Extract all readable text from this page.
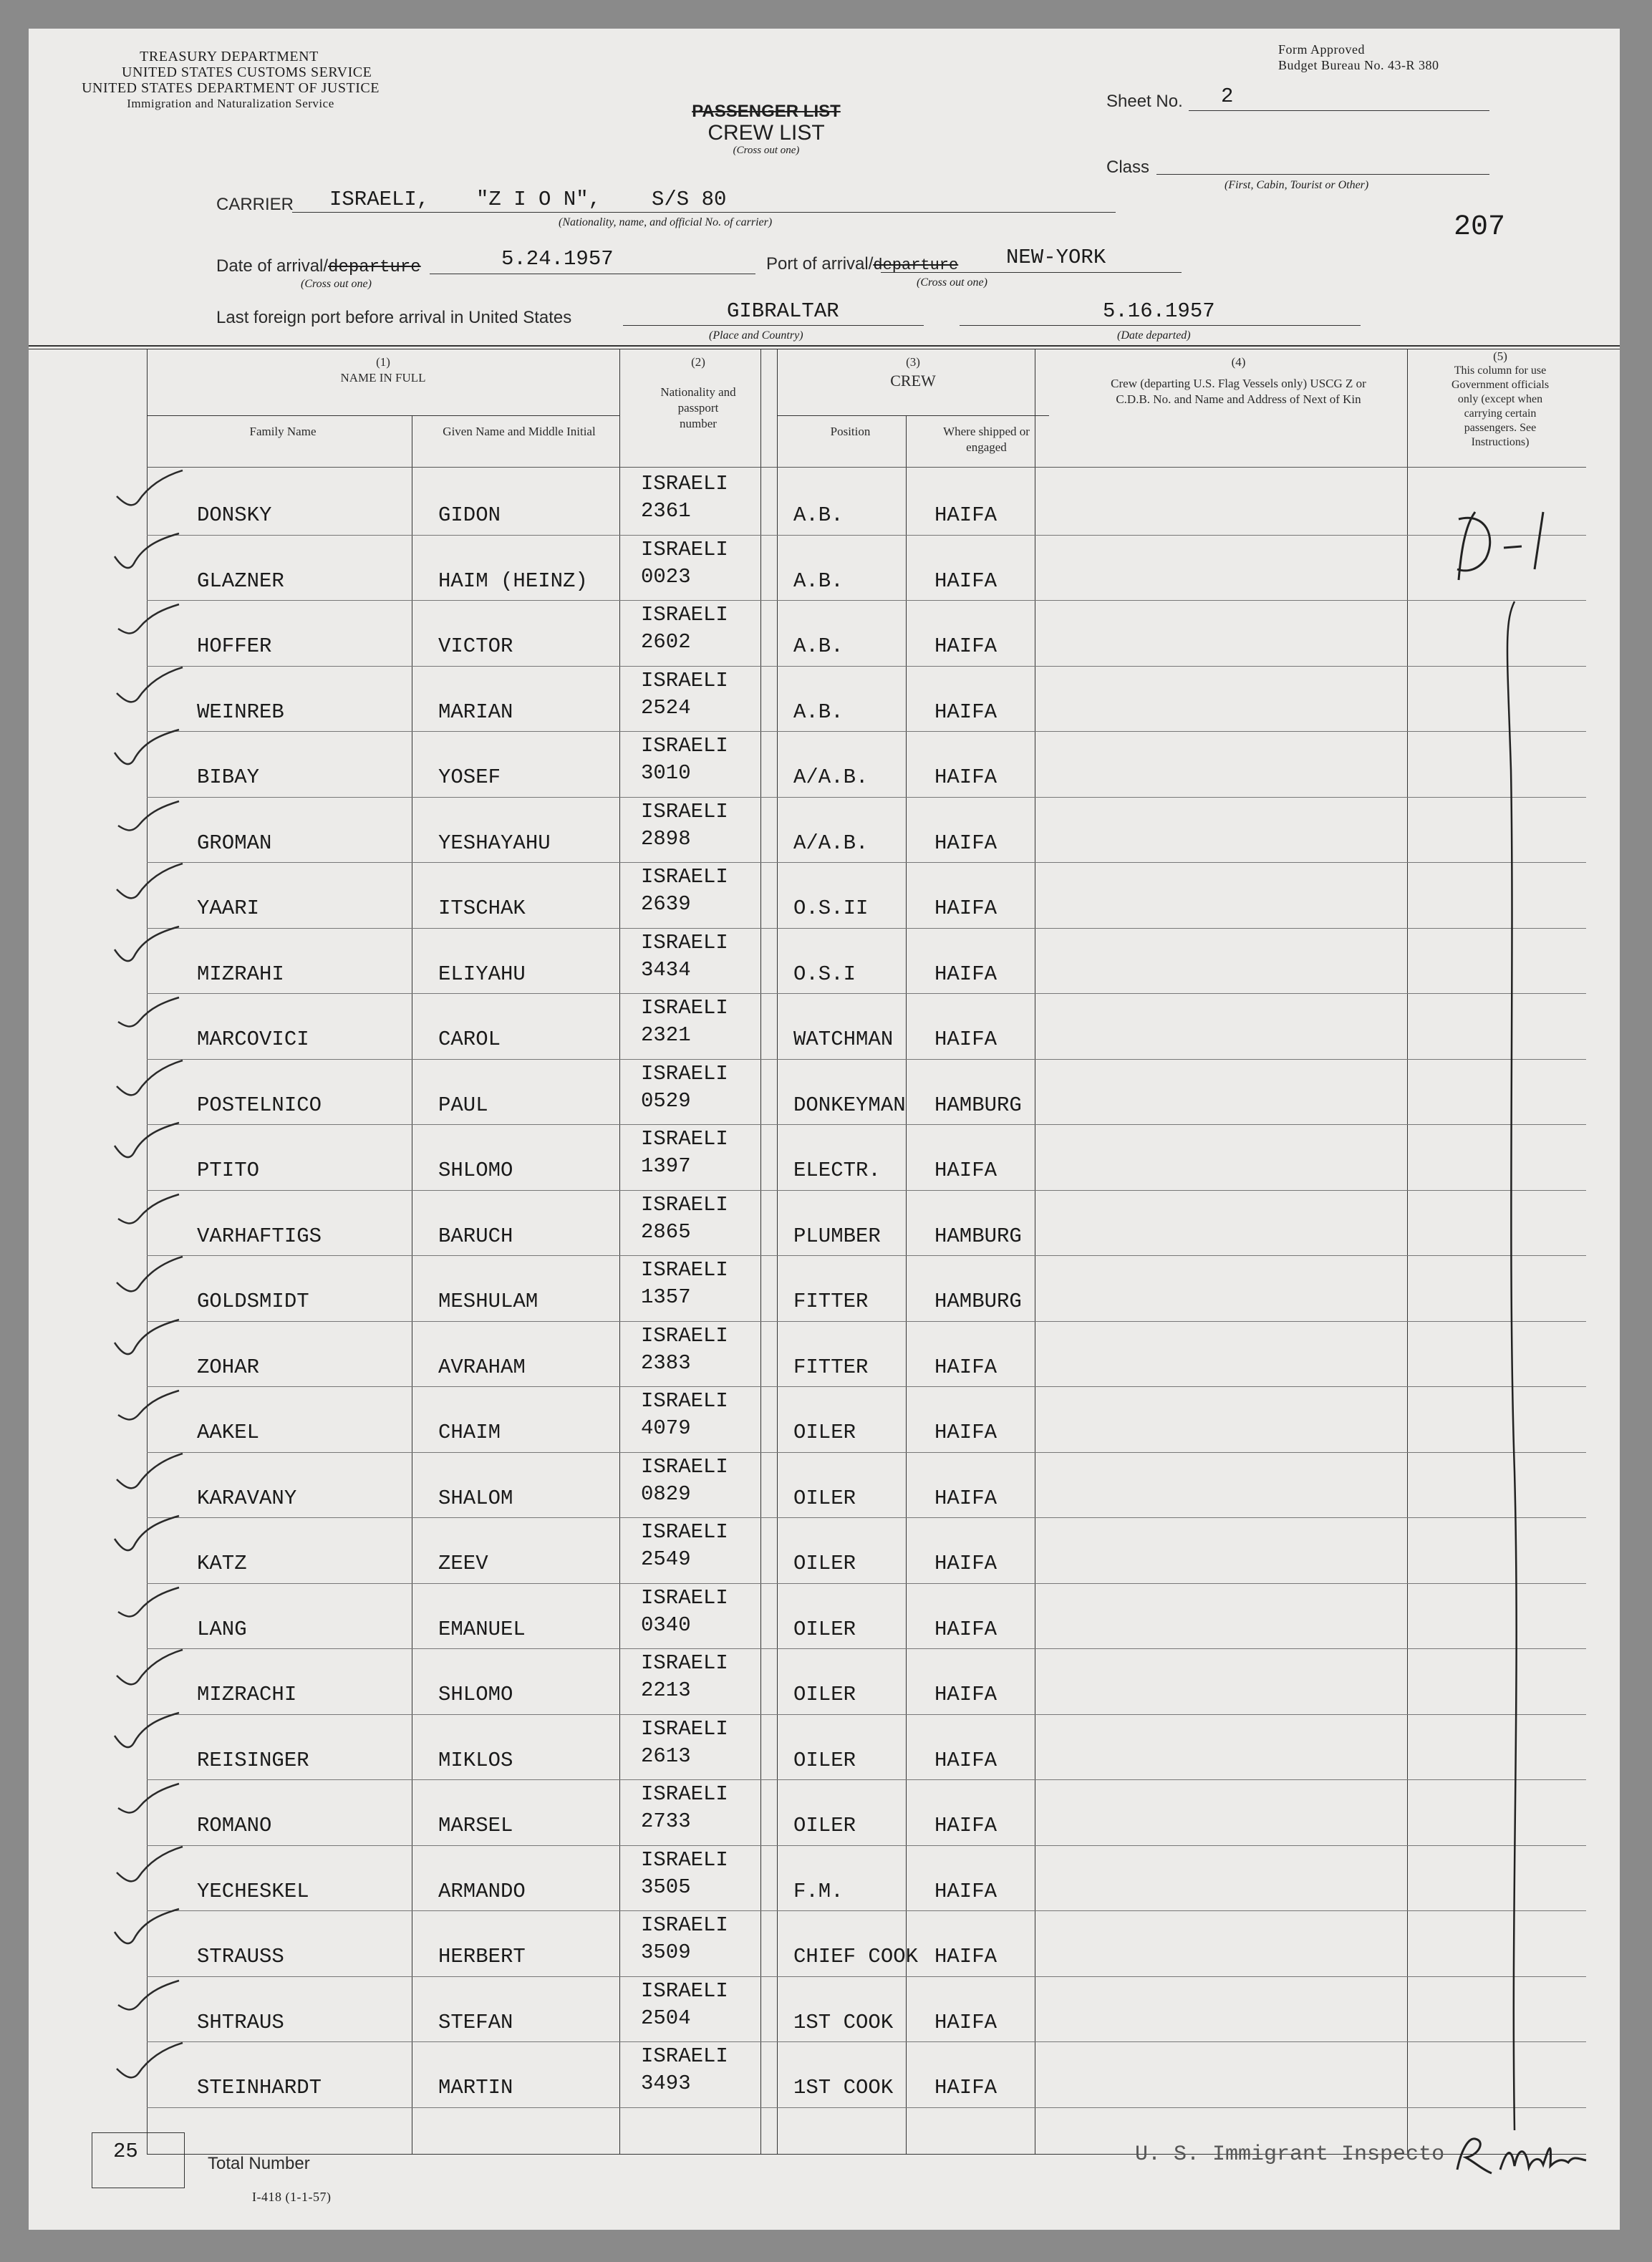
TREASURY DEPARTMENT
UNITED STATES CUSTOMS SERVICE
UNITED STATES DEPARTMENT OF JUSTICE
Immigration and Naturalization Service
Form Approved
Budget Bureau No. 43-R 380
PASSENGER LIST
CREW LIST
(Cross out one)
Sheet No. 2
Class
(First, Cabin, Tourist or Other)
207
CARRIER ISRAELI, "Z I O N", S/S 80
(Nationality, name, and official No. of carrier)
Date of arrival/departure	5.24.1957
(Cross out one)
Port of arrival/departure NEW-YORK
(Cross out one)
Last foreign port before arrival in United States	GIBRALTAR
(Place and Country)
5.16.1957
(Date departed)
(1)
NAME IN FULL
Family Name	Given Name and Middle Initial
(2)
Nationality and passport number
(3)
CREW
Position	Where shipped or engaged
(4)
Crew (departing U.S. Flag Vessels only) USCG Z or C.D.B. No. and Name and Address of Next of Kin
(5)
This column for use Government officials only (except when carrying certain passengers. See Instructions)
DONSKY	GIDON
ISRAELI
2361	A.B.	HAIFA
GLAZNER	HAIM (HEINZ)
ISRAELI
0023	A.B.	HAIFA
HOFFER	VICTOR
ISRAELI
2602	A.B.	HAIFA
WEINREB	MARIAN
ISRAELI
2524	A.B.	HAIFA
BIBAY	YOSEF
ISRAELI
3010	A/A.B.	HAIFA
GROMAN	YESHAYAHU
ISRAELI
2898	A/A.B.	HAIFA
YAARI	ITSCHAK
ISRAELI
2639	O.S.II	HAIFA
MIZRAHI	ELIYAHU
ISRAELI
3434	O.S.I	HAIFA
MARCOVICI	CAROL
ISRAELI
2321	WATCHMAN HAIFA
POSTELNICO	PAUL
ISRAELI
0529	DONKEYMAN HAMBURG
PTITO	SHLOMO
ISRAELI
1397	ELECTR.	HAIFA
VARHAFTIGS	BARUCH
ISRAELI
2865	PLUMBER	HAMBURG
GOLDSMIDT	MESHULAM
ISRAELI
1357	FITTER	HAMBURG
ZOHAR	AVRAHAM
ISRAELI
2383	FITTER	HAIFA
AAKEL	CHAIM
ISRAELI
4079	OILER	HAIFA
KARAVANY	SHALOM
ISRAELI
0829	OILER	HAIFA
KATZ	ZEEV
ISRAELI
2549	OILER	HAIFA
LANG	EMANUEL
ISRAELI
0340	OILER	HAIFA
MIZRACHI	SHLOMO
ISRAELI
2213	OILER	HAIFA
REISINGER	MIKLOS
ISRAELI
2613	OILER	HAIFA
ROMANO	MARSEL
ISRAELI
2733	OILER	HAIFA
YECHESKEL	ARMANDO
ISRAELI
3505	F.M.	HAIFA
STRAUSS	HERBERT
ISRAELI
3509	CHIEF COOK HAIFA
SHTRAUS	STEFAN
ISRAELI
2504	1ST COOK HAIFA
STEINHARDT	MARTIN
ISRAELI
3493	1ST COOK HAIFA
25
Total Number
I-418 (1-1-57)
U. S. Immigrant Inspecto
